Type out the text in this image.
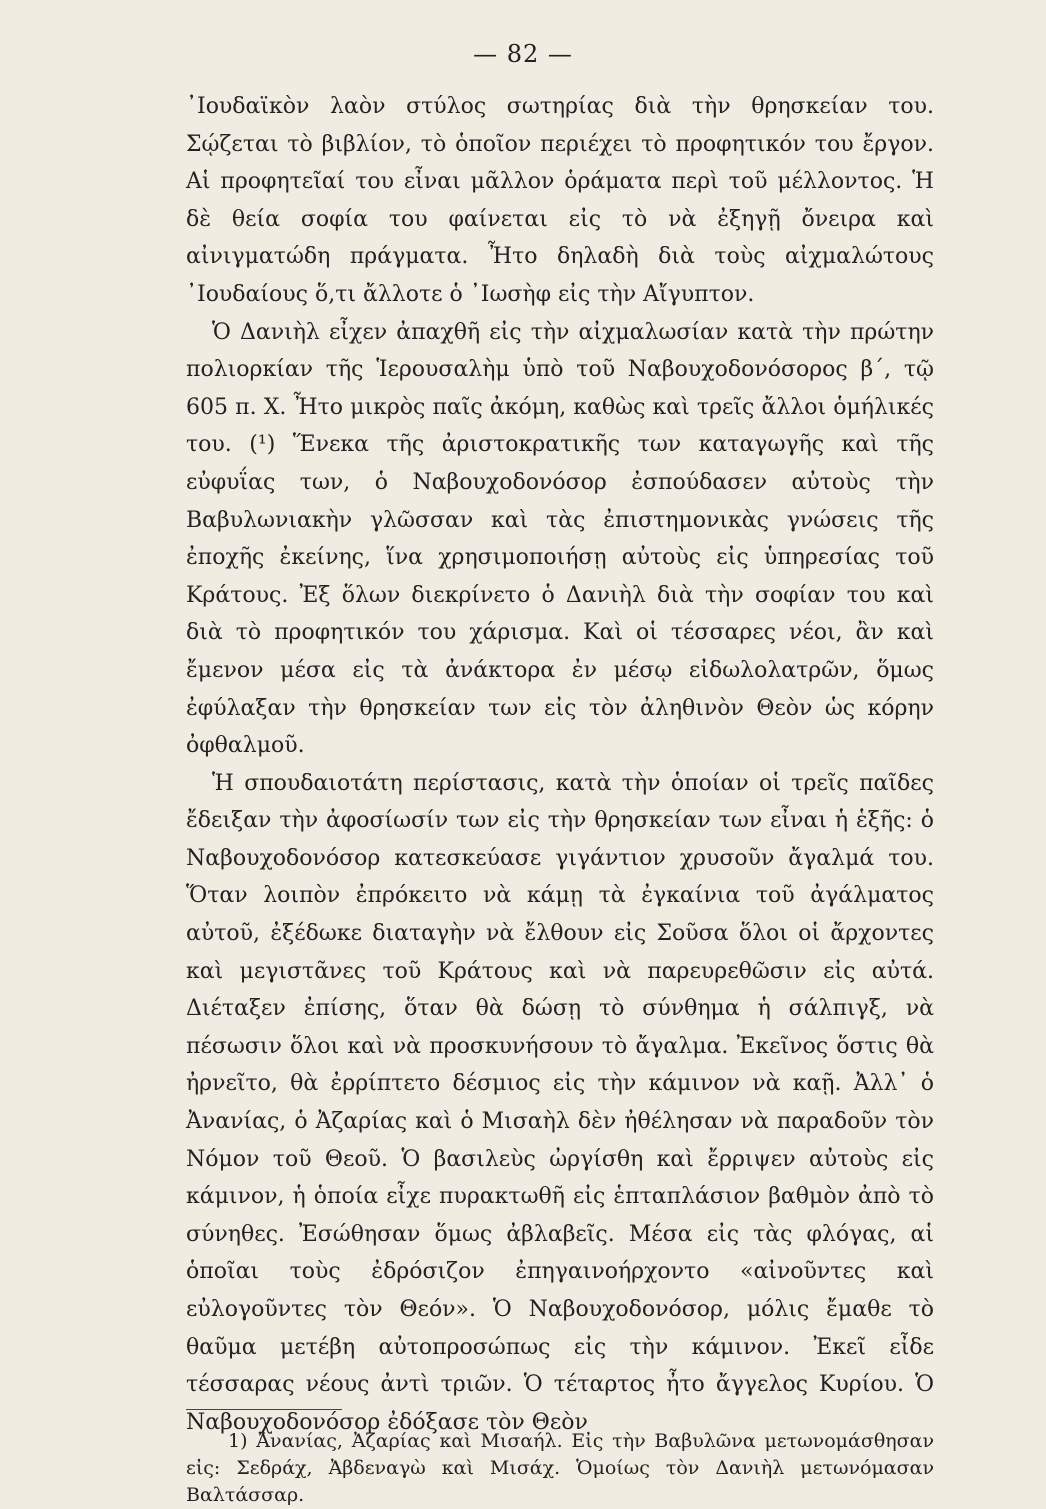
— 82 —

᾿Ιουδαϊκὸν λαὸν στύλος σωτηρίας διὰ τὴν θρησκείαν του. Σῴζεται τὸ βιβλίον, τὸ ὁποῖον περιέχει τὸ προφητικόν του ἔργον. Αἱ προφητεῖαί του εἶναι μᾶλλον ὁράματα περὶ τοῦ μέλλοντος. Ἡ δὲ θεία σοφία του φαίνεται εἰς τὸ νὰ ἐξηγῇ ὄνειρα καὶ αἰνιγματώδη πράγματα. Ἦτο δηλαδὴ διὰ τοὺς αἰχμαλώτους ᾿Ιουδαίους ὅ,τι ἄλλοτε ὁ ᾿Ιωσὴφ εἰς τὴν Αἴγυπτον.

Ὁ Δανιὴλ εἶχεν ἀπαχθῆ εἰς τὴν αἰχμαλωσίαν κατὰ τὴν πρώτην πολιορκίαν τῆς Ἱερουσαλὴμ ὑπὸ τοῦ Ναβουχοδονόσορος β΄, τῷ 605 π. Χ. Ἦτο μικρὸς παῖς ἀκόμη, καθὼς καὶ τρεῖς ἄλλοι ὁμήλικές του. (¹) Ἕνεκα τῆς ἀριστοκρατικῆς των καταγωγῆς καὶ τῆς εὐφυΐας των, ὁ Ναβουχοδονόσορ ἐσπούδασεν αὐτοὺς τὴν Βαβυλωνιακὴν γλῶσσαν καὶ τὰς ἐπιστημονικὰς γνώσεις τῆς ἐποχῆς ἐκείνης, ἵνα χρησιμοποιήσῃ αὐτοὺς εἰς ὑπηρεσίας τοῦ Κράτους. Ἐξ ὅλων διεκρίνετο ὁ Δανιὴλ διὰ τὴν σοφίαν του καὶ διὰ τὸ προφητικόν του χάρισμα. Καὶ οἱ τέσσαρες νέοι, ἂν καὶ ἔμενον μέσα εἰς τὰ ἀνάκτορα ἐν μέσῳ εἰδωλολατρῶν, ὅμως ἐφύλαξαν τὴν θρησκείαν των εἰς τὸν ἀληθινὸν Θεὸν ὡς κόρην ὀφθαλμοῦ.

Ἡ σπουδαιοτάτη περίστασις, κατὰ τὴν ὁποίαν οἱ τρεῖς παῖδες ἔδειξαν τὴν ἀφοσίωσίν των εἰς τὴν θρησκείαν των εἶναι ἡ ἑξῆς: ὁ Ναβουχοδονόσορ κατεσκεύασε γιγάντιον χρυσοῦν ἄγαλμά του. Ὅταν λοιπὸν ἐπρόκειτο νὰ κάμῃ τὰ ἐγκαίνια τοῦ ἀγάλματος αὐτοῦ, ἐξέδωκε διαταγὴν νὰ ἔλθουν εἰς Σοῦσα ὅλοι οἱ ἄρχοντες καὶ μεγιστᾶνες τοῦ Κράτους καὶ νὰ παρευρεθῶσιν εἰς αὐτά. Διέταξεν ἐπίσης, ὅταν θὰ δώσῃ τὸ σύνθημα ἡ σάλπιγξ, νὰ πέσωσιν ὅλοι καὶ νὰ προσκυνήσουν τὸ ἄγαλμα. Ἐκεῖνος ὅστις θὰ ἠρνεῖτο, θὰ ἐρρίπτετο δέσμιος εἰς τὴν κάμινον νὰ καῇ. Ἀλλ᾿ ὁ Ἀνανίας, ὁ Ἀζαρίας καὶ ὁ Μισαὴλ δὲν ἠθέλησαν νὰ παραδοῦν τὸν Νόμον τοῦ Θεοῦ. Ὁ βασιλεὺς ὠργίσθη καὶ ἔρριψεν αὐτοὺς εἰς κάμινον, ἡ ὁποία εἶχε πυρακτωθῆ εἰς ἑπταπλάσιον βαθμὸν ἀπὸ τὸ σύνηθες. Ἐσώθησαν ὅμως ἀβλαβεῖς. Μέσα εἰς τὰς φλόγας, αἱ ὁποῖαι τοὺς ἐδρόσιζον ἐπηγαινοήρχοντο «αἰνοῦντες καὶ εὐλογοῦντες τὸν Θεόν». Ὁ Ναβουχοδονόσορ, μόλις ἔμαθε τὸ θαῦμα μετέβη αὐτοπροσώπως εἰς τὴν κάμινον. Ἐκεῖ εἶδε τέσσαρας νέους ἀντὶ τριῶν. Ὁ τέταρτος ἦτο ἄγγελος Κυρίου. Ὁ Ναβουχοδονόσορ ἐδόξασε τὸν Θεὸν

1) Ἀνανίας, Ἀζαρίας καὶ Μισαήλ. Εἰς τὴν Βαβυλῶνα μετωνομάσθησαν εἰς: Σεδράχ, Ἀβδεναγὼ καὶ Μισάχ. Ὁμοίως τὸν Δανιὴλ μετωνόμασαν Βαλτάσσαρ.
